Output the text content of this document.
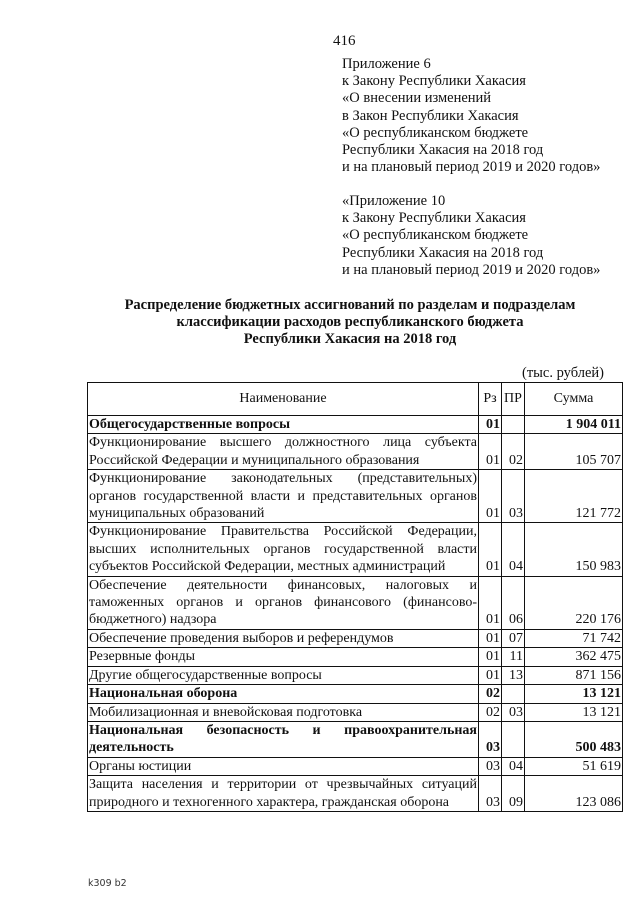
416
Приложение 6
к Закону Республики Хакасия
«О внесении изменений
в Закон Республики Хакасия
«О республиканском бюджете
Республики Хакасия на 2018 год
и на плановый период 2019 и 2020 годов»
«Приложение 10
к Закону Республики Хакасия
«О республиканском бюджете
Республики Хакасия на 2018 год
и на плановый период 2019 и 2020 годов»
Распределение бюджетных ассигнований по разделам и подразделам
классификации расходов республиканского бюджета
Республики Хакасия на 2018 год
(тыс. рублей)
Наименование	Рз	ПР	Сумма
Общегосударственные вопросы	01		1 904 011
Функционирование высшего должностного лица субъекта Российской Федерации и муниципального образования	01	02	105 707
Функционирование законодательных (представительных) органов государственной власти и представительных органов муниципальных образований	01	03	121 772
Функционирование Правительства Российской Федерации, высших исполнительных органов государственной власти субъектов Российской Федерации, местных администраций	01	04	150 983
Обеспечение деятельности финансовых, налоговых и таможенных органов и органов финансового (финансово-бюджетного) надзора	01	06	220 176
Обеспечение проведения выборов и референдумов	01	07	71 742
Резервные фонды	01	11	362 475
Другие общегосударственные вопросы	01	13	871 156
Национальная оборона	02		13 121
Мобилизационная и вневойсковая подготовка	02	03	13 121
Национальная безопасность и правоохранительная деятельность	03		500 483
Органы юстиции	03	04	51 619
Защита населения и территории от чрезвычайных ситуаций природного и техногенного характера, гражданская оборона	03	09	123 086
k309 b2
